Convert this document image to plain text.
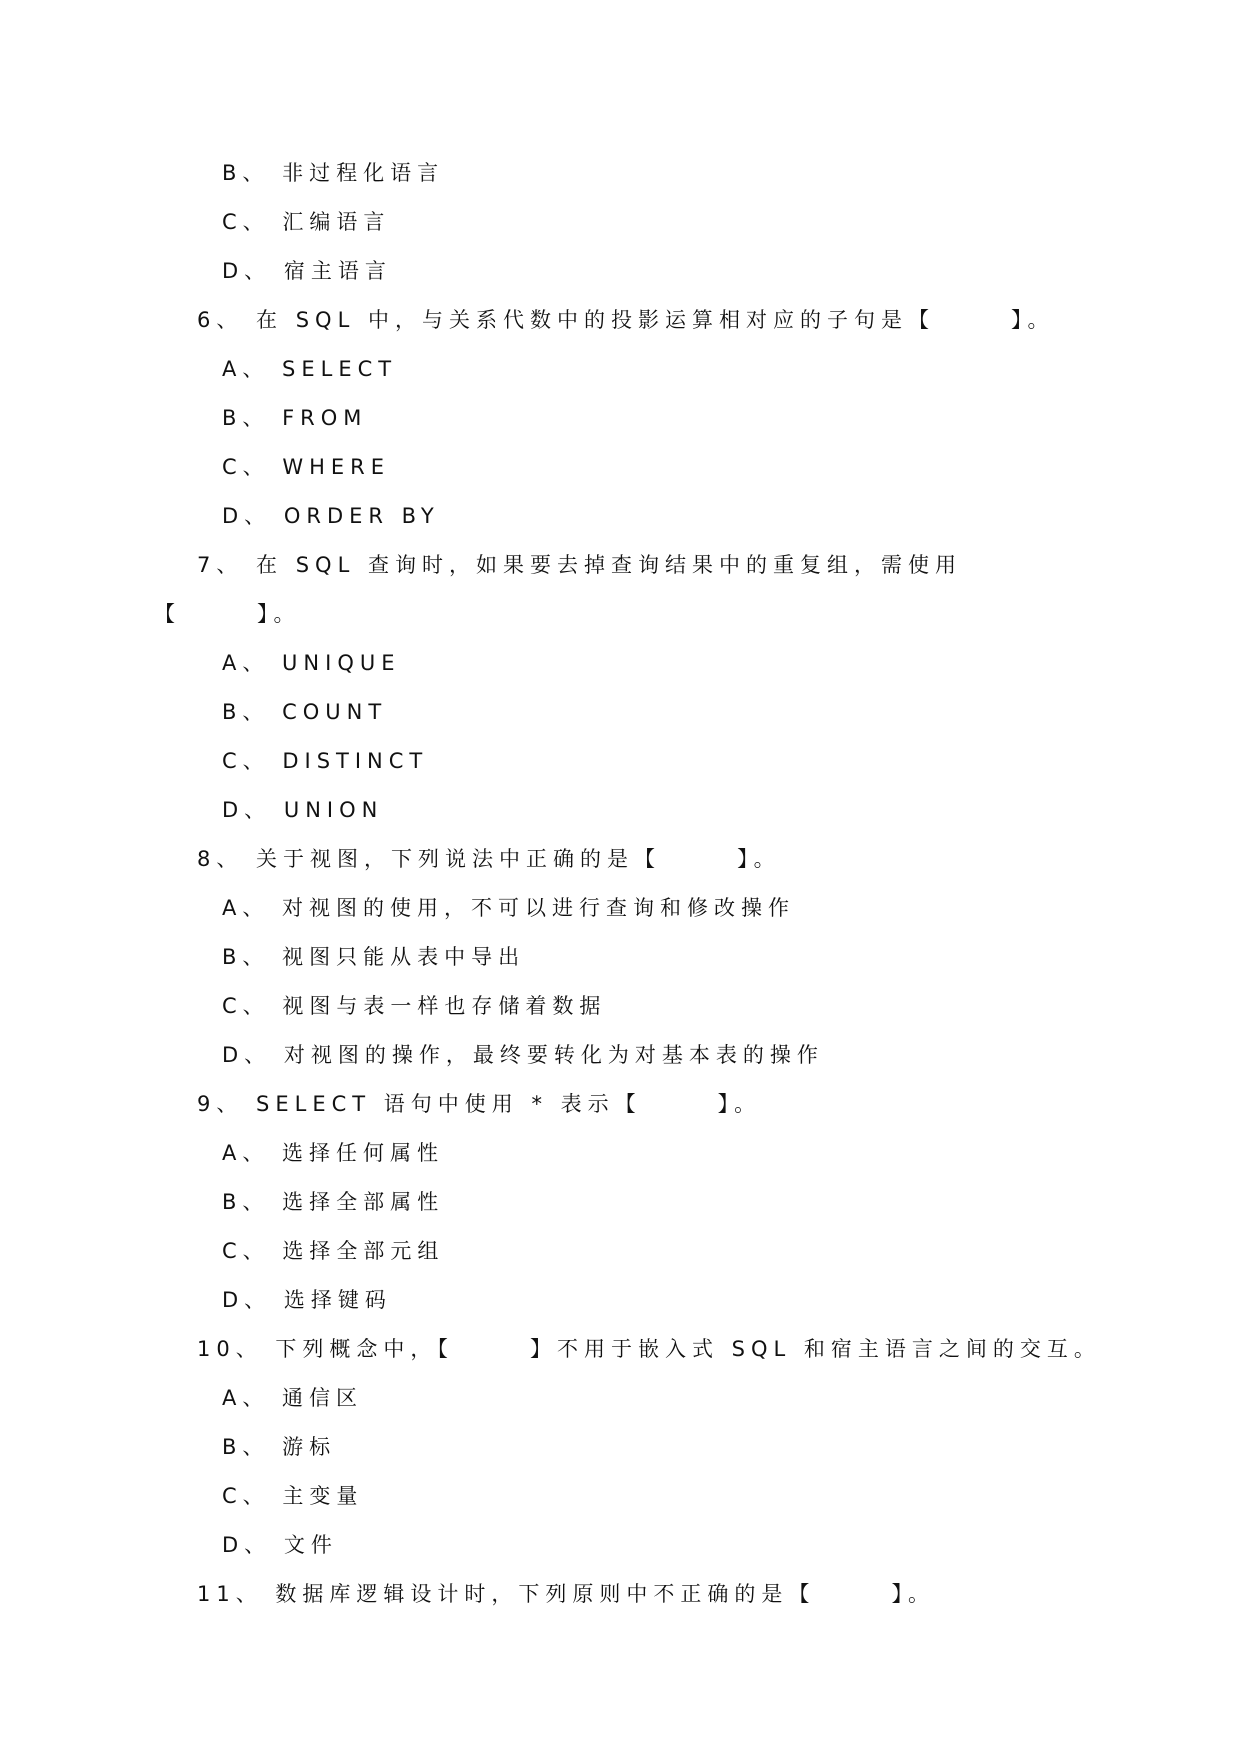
B、 非过程化语言
C、 汇编语言
D、 宿主语言
6、 在 SQL 中，与关系代数中的投影运算相对应的子句是【      】。
A、 SELECT
B、 FROM
C、 WHERE
D、 ORDER BY
7、 在 SQL 查询时，如果要去掉查询结果中的重复组，需使用
【      】。
A、 UNIQUE
B、 COUNT
C、 DISTINCT
D、 UNION
8、 关于视图，下列说法中正确的是【      】。
A、 对视图的使用，不可以进行查询和修改操作
B、 视图只能从表中导出
C、 视图与表一样也存储着数据
D、 对视图的操作，最终要转化为对基本表的操作
9、 SELECT 语句中使用 * 表示【      】。
A、 选择任何属性
B、 选择全部属性
C、 选择全部元组
D、 选择键码
10、 下列概念中，【      】不用于嵌入式 SQL 和宿主语言之间的交互。
A、 通信区
B、 游标
C、 主变量
D、 文件
11、 数据库逻辑设计时，下列原则中不正确的是【      】。
